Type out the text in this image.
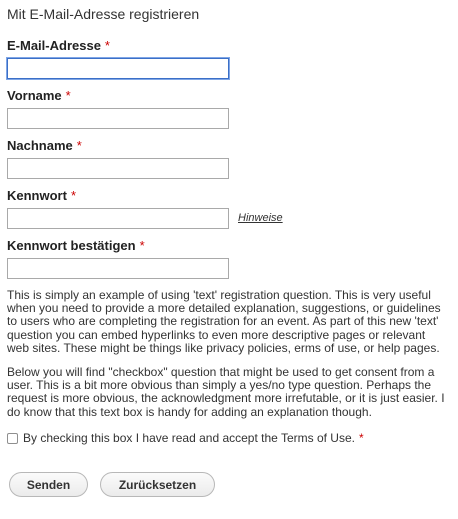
Mit E-Mail-Adresse registrieren
E-Mail-Adresse *
Vorname *
Nachname *
Kennwort *
Hinweise
Kennwort bestätigen *

This is simply an example of using 'text' registration question. This is very useful when you need to provide a more detailed explanation, suggestions, or guidelines to users who are completing the registration for an event. As part of this new 'text' question you can embed hyperlinks to even more descriptive pages or relevant web sites. These might be things like privacy policies, erms of use, or help pages.

Below you will find "checkbox" question that might be used to get consent from a user. This is a bit more obvious than simply a yes/no type question. Perhaps the request is more obvious, the acknowledgment more irrefutable, or it is just easier. I do know that this text box is handy for adding an explanation though.

By checking this box I have read and accept the Terms of Use. *
Senden	Zurücksetzen
